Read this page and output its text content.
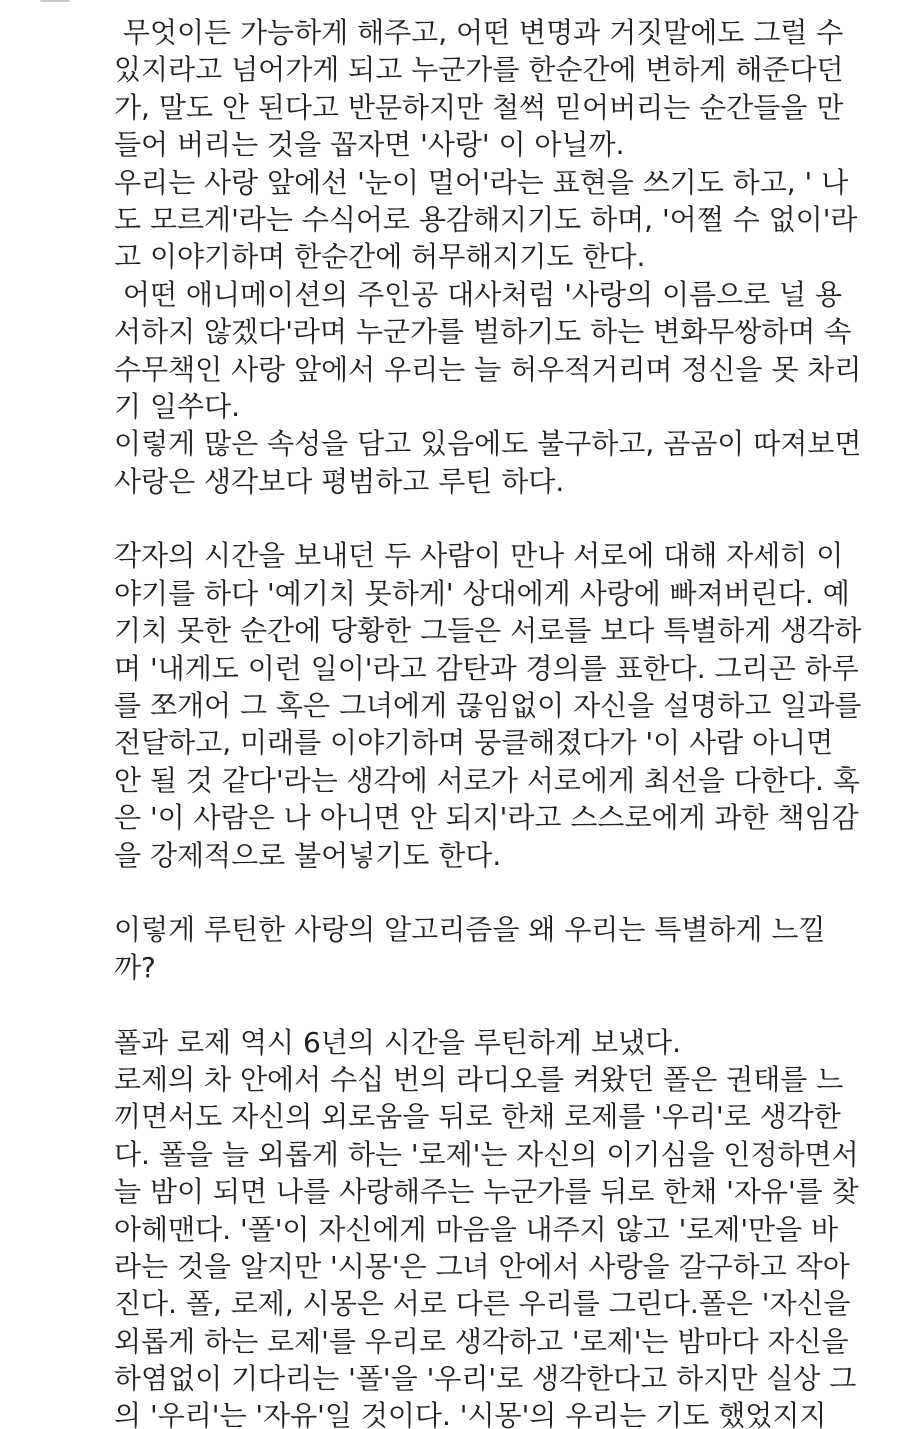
무엇이든 가능하게 해주고, 어떤 변명과 거짓말에도 그럴 수
있지라고 넘어가게 되고 누군가를 한순간에 변하게 해준다던
가, 말도 안 된다고 반문하지만 철썩 믿어버리는 순간들을 만
들어 버리는 것을 꼽자면 '사랑' 이 아닐까.
우리는 사랑 앞에선 '눈이 멀어'라는 표현을 쓰기도 하고, ' 나
도 모르게'라는 수식어로 용감해지기도 하며, '어쩔 수 없이'라
고 이야기하며 한순간에 허무해지기도 한다.
어떤 애니메이션의 주인공 대사처럼 '사랑의 이름으로 널 용
서하지 않겠다'라며 누군가를 벌하기도 하는 변화무쌍하며 속
수무책인 사랑 앞에서 우리는 늘 허우적거리며 정신을 못 차리
기 일쑤다.
이렇게 많은 속성을 담고 있음에도 불구하고, 곰곰이 따져보면
사랑은 생각보다 평범하고 루틴 하다.
각자의 시간을 보내던 두 사람이 만나 서로에 대해 자세히 이
야기를 하다 '예기치 못하게' 상대에게 사랑에 빠져버린다. 예
기치 못한 순간에 당황한 그들은 서로를 보다 특별하게 생각하
며 '내게도 이런 일이'라고 감탄과 경의를 표한다. 그리곤 하루
를 쪼개어 그 혹은 그녀에게 끊임없이 자신을 설명하고 일과를
전달하고, 미래를 이야기하며 뭉클해졌다가 '이 사람 아니면
안 될 것 같다'라는 생각에 서로가 서로에게 최선을 다한다. 혹
은 '이 사람은 나 아니면 안 되지'라고 스스로에게 과한 책임감
을 강제적으로 불어넣기도 한다.
이렇게 루틴한 사랑의 알고리즘을 왜 우리는 특별하게 느낄
까?
폴과 로제 역시 6년의 시간을 루틴하게 보냈다.
로제의 차 안에서 수십 번의 라디오를 켜왔던 폴은 권태를 느
끼면서도 자신의 외로움을 뒤로 한채 로제를 '우리'로 생각한
다. 폴을 늘 외롭게 하는 '로제'는 자신의 이기심을 인정하면서
늘 밤이 되면 나를 사랑해주는 누군가를 뒤로 한채 '자유'를 찾
아헤맨다. '폴'이 자신에게 마음을 내주지 않고 '로제'만을 바
라는 것을 알지만 '시몽'은 그녀 안에서 사랑을 갈구하고 작아
진다. 폴, 로제, 시몽은 서로 다른 우리를 그린다.폴은 '자신을
외롭게 하는 로제'를 우리로 생각하고 '로제'는 밤마다 자신을
하염없이 기다리는 '폴'을 '우리'로 생각한다고 하지만 실상 그
의 '우리'는 '자유'일 것이다. '시몽'의 우리는 기도 했었지지
